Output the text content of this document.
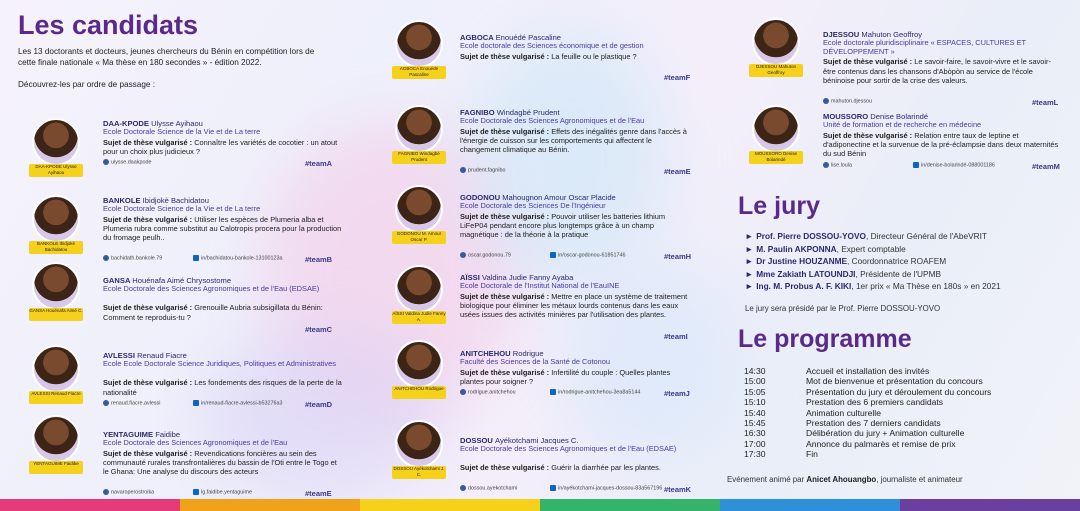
Les candidats
Les 13 doctorants et docteurs, jeunes chercheurs du Bénin en compétition lors de cette finale nationale « Ma thèse en 180 secondes » - édition 2022.
Découvrez-les par ordre de passage :
DAA-KPODE Ulysse Ayihaou
DAA-KPODE Ulysse Ayihaou
Ecole Doctorale Science de la Vie et de La terre
Sujet de thèse vulgarisé : Connaître les variétés de cocotier : un atout pour un choix plus judicieux ?
ulysse.daakpode	#teamA
BANKOLE Ibidjokè Bachidatou
BANKOLE Ibidjokè Bachidatou
Ecole Doctorale Science de la Vie et de La terre
Sujet de thèse vulgarisé : Utiliser les espèces de Plumeria alba et Plumeria rubra comme substitut au Calotropis procera pour la production du fromage peulh..
bachidath.bankole.79	in/bachidatou-bankole-13100123a	#teamB
GANSA Houénafa Aimé C.
GANSA Houénafa Aimé Chrysostome
Ecole Doctorale des Sciences Agronomiques et de l'Eau (EDSAE)
Sujet de thèse vulgarisé : Grenouille Aubria subsigillata du Bénin: Comment te reproduis-tu ?
#teamC
AVLESSI Renaud Fiacre
AVLESSI Renaud Fiacre
Ecole Ecole Doctorale Science Juridiques, Politiques et Administratives
Sujet de thèse vulgarisé : Les fondements des risques de la perte de la nationalité
renaud.fiacre.avlessi	in/renaud-fiacre-avlessi-b53276a3	#teamD
YENTAGUIME Faidibe
YENTAGUIME Faidibe
Ecole Doctorale des Sciences Agronomiques et de l'Eau
Sujet de thèse vulgarisé : Revendications foncières au sein des communauté rurales transfrontalières du bassin de l'Oti entre le Togo et le Ghana: Une analyse du discours des acteurs
navaroperostroika	lg.faidibe.yentaguime	#teamE
AGBOCA Enouédé Pascaline
AGBOCA Enouédé Pascaline
Ecole doctorale des Sciences économique et de gestion
Sujet de thèse vulgarisé : La feuille ou le plastique ?
#teamF
FAGNIBO Windagbé Prudent
FAGNIBO Windagbé Prudent
Ecole Doctorale des Sciences Agronomiques et de l'Eau
Sujet de thèse vulgarisé : Effets des inégalités genre dans l'accès à l'énergie de cuisson sur les comportements qui affectent le changement climatique au Bénin.
prudent.fagnibo	#teamE
GODONOU M. Amour Oscar P.
GODONOU Mahougnon Amour Oscar Placide
Ecole Doctorale des Sciences De l'Ingénieur
Sujet de thèse vulgarisé : Pouvoir utiliser les batteries lithium LiFeP04 pendant encore plus longtemps grâce à un champ magnétique : de la théorie à la pratique
oscar.godonou.79	in/oscar-godonou-61851746	#teamH
AÏSSI Valdina Judie Fanny A.
AÏSSI Valdina Judie Fanny Ayaba
Ecole Doctorale de l'Institut National de l'EauINE
Sujet de thèse vulgarisé : Mettre en place un système de traitement biologique pour éliminer les métaux lourds contenus dans les eaux usées issues des activités minières par l'utilisation des plantes.
#teamI
ANITCHEHOU Rodrigue
ANITCHEHOU Rodrigue
Faculté des Sciences de la Santé de Cotonou
Sujet de thèse vulgarisé : Infertilité du couple : Quelles plantes plantes pour soigner ?
rodrigue.anitchehou	in/rodrigue-anitchehou-3ea8a5144	#teamJ
DOSSOU Ayékotchami J. C.
DOSSOU Ayékotchami Jacques C.
Ecole Doctorale des Sciences Agronomiques et de l'Eau (EDSAE)
Sujet de thèse vulgarisé : Guérir la diarrhée par les plantes.
dossou.ayekotchami	in/ayékotchami-jacques-dossou-83a567196 #teamK
DJESSOU Mahuton Geoffroy
DJESSOU Mahuton Geoffroy
Ecole doctorale pluridisciplinaire « ESPACES, CULTURES ET DÉVELOPPEMENT »
Sujet de thèse vulgarisé : Le savoir-faire, le savoir-vivre et le savoir-être contenus dans les chansons d'Abòpòn au service de l'école béninoise pour sortir de la crise des valeurs.
mahuton.djessou	#teamL
MOUSSORO Denise Bolarindé
MOUSSORO Denise Bolarindé
Unité de formation et de recherche en médecine
Sujet de thèse vulgarisé : Relation entre taux de leptine et d'adiponectine et la survenue de la pré-éclampsie dans deux maternités du sud Bénin
lise.loula	in/denise-bolarindé-088001186	#teamM
Le jury
► Prof. Pierre DOSSOU-YOVO, Directeur Général de l'AbeVRIT
► M. Paulin AKPONNA, Expert comptable
► Dr Justine HOUZANME, Coordonnatrice ROAFEM
► Mme Zakiath LATOUNDJI, Présidente de l'UPMB
► Ing. M. Probus A. F. KIKI, 1er prix « Ma Thèse en 180s » en 2021
Le jury sera présidé par le Prof. Pierre DOSSOU-YOVO
Le programme
14:30	Accueil et installation des invités
15:00	Mot de bienvenue et présentation du concours
15:05	Présentation du jury et déroulement du concours
15:10	Prestation des 6 premiers candidats
15:40	Animation culturelle
15:45	Prestation des 7 derniers candidats
16:30	Délibération du jury + Animation culturelle
17:00	Annonce du palmarès et remise de prix
17:30	Fin
Evénement animé par Anicet Ahouangbo, journaliste et animateur
